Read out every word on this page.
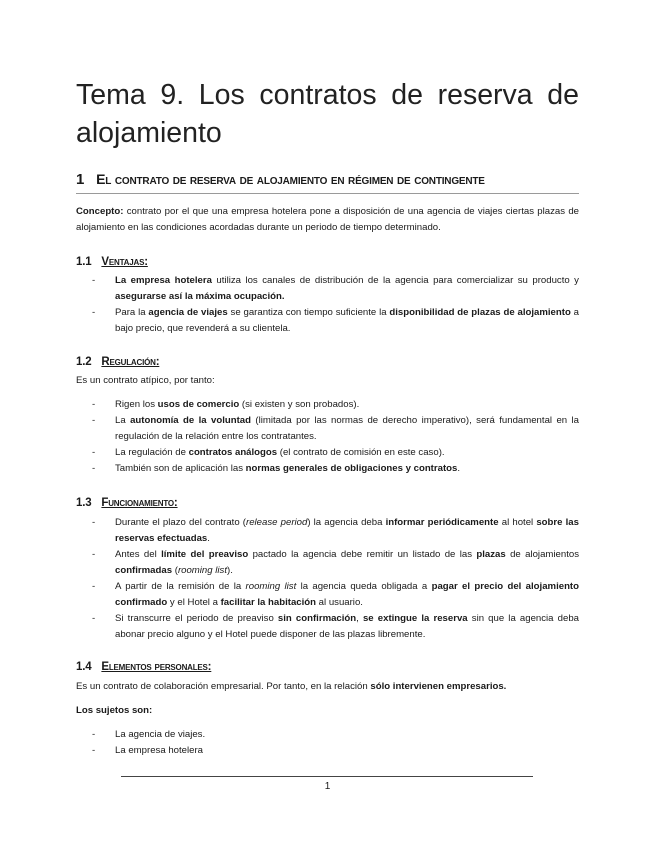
Tema 9. Los contratos de reserva de alojamiento
1 El contrato de reserva de alojamiento en régimen de contingente

Concepto: contrato por el que una empresa hotelera pone a disposición de una agencia de viajes ciertas plazas de alojamiento en las condiciones acordadas durante un periodo de tiempo determinado.

1.1 Ventajas:
- La empresa hotelera utiliza los canales de distribución de la agencia para comercializar su producto y asegurarse así la máxima ocupación.
- Para la agencia de viajes se garantiza con tiempo suficiente la disponibilidad de plazas de alojamiento a bajo precio, que revenderá a su clientela.
1.2 Regulación:

Es un contrato atípico, por tanto:

- Rigen los usos de comercio (si existen y son probados).
- La autonomía de la voluntad (limitada por las normas de derecho imperativo), será fundamental en la regulación de la relación entre los contratantes.
- La regulación de contratos análogos (el contrato de comisión en este caso).
- También son de aplicación las normas generales de obligaciones y contratos.
1.3 Funcionamiento:
- Durante el plazo del contrato (release period) la agencia deba informar periódicamente al hotel sobre las reservas efectuadas.
- Antes del límite del preaviso pactado la agencia debe remitir un listado de las plazas de alojamientos confirmadas (rooming list).
- A partir de la remisión de la rooming list la agencia queda obligada a pagar el precio del alojamiento confirmado y el Hotel a facilitar la habitación al usuario.
- Si transcurre el periodo de preaviso sin confirmación, se extingue la reserva sin que la agencia deba abonar precio alguno y el Hotel puede disponer de las plazas libremente.
1.4 Elementos personales:

Es un contrato de colaboración empresarial. Por tanto, en la relación sólo intervienen empresarios.

Los sujetos son:

- La agencia de viajes.
- La empresa hotelera
1
